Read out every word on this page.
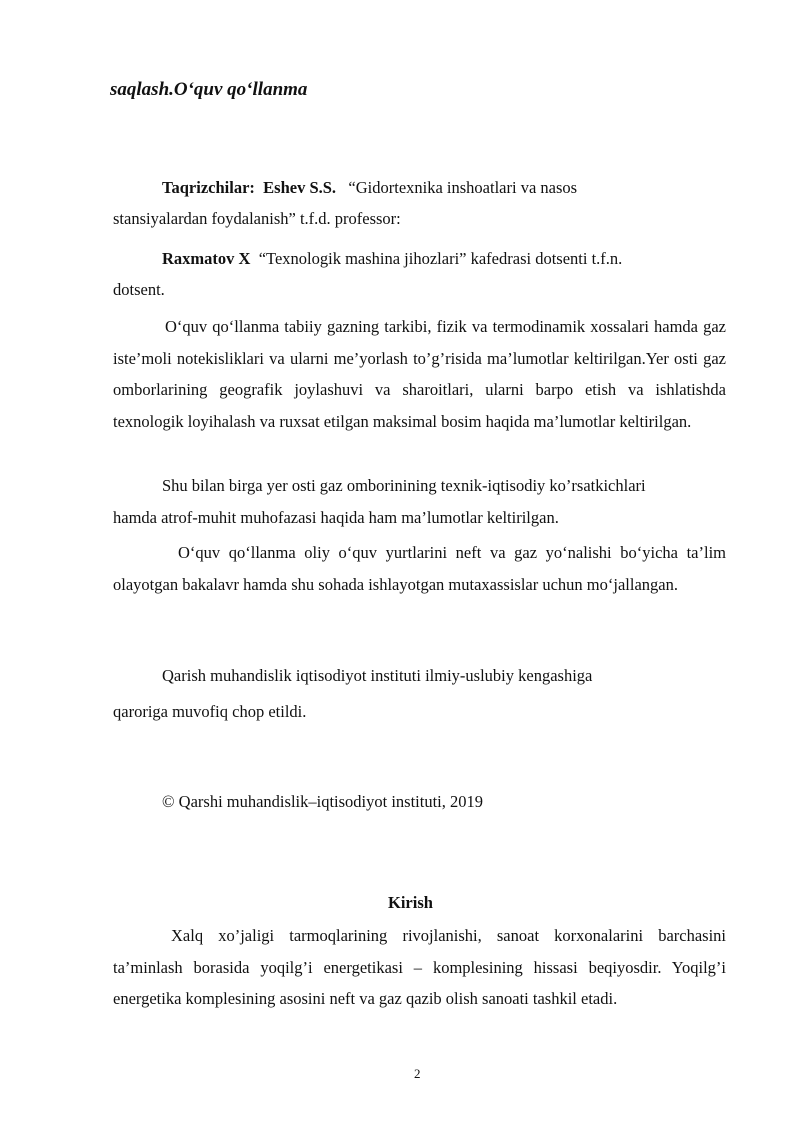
saqlash.O‘quv qo‘llanma

Taqrizchilar: Eshev S.S. “Gidortexnika inshoatlari va nasos

stansiyalardan foydalanish” t.f.d. professor:

Raxmatov X “Texnologik mashina jihozlari” kafedrasi dotsenti t.f.n.

dotsent.

O‘quv qo‘llanma tabiiy gazning tarkibi, fizik va termodinamik xossalari hamda gaz iste’moli notekisliklari va ularni me’yorlash to’g’risida ma’lumotlar keltirilgan.Yer osti gaz omborlarining geografik joylashuvi va sharoitlari, ularni barpo etish va ishlatishda texnologik loyihalash va ruxsat etilgan maksimal bosim haqida ma’lumotlar keltirilgan.

Shu bilan birga yer osti gaz omborinining texnik-iqtisodiy ko’rsatkichlari

hamda atrof-muhit muhofazasi haqida ham ma’lumotlar keltirilgan.

O‘quv qo‘llanma oliy o‘quv yurtlarini neft va gaz yo‘nalishi bo‘yicha ta’lim olayotgan bakalavr hamda shu sohada ishlayotgan mutaxassislar uchun mo‘jallangan.

Qarish muhandislik iqtisodiyot instituti ilmiy-uslubiy kengashiga

qaroriga muvofiq chop etildi.

© Qarshi muhandislik–iqtisodiyot instituti, 2019

Kirish

Xalq xo’jaligi tarmoqlarining rivojlanishi, sanoat korxonalarini barchasini ta’minlash borasida yoqilg’i energetikasi – komplesining hissasi beqiyosdir. Yoqilg’i energetika komplesining asosini neft va gaz qazib olish sanoati tashkil etadi.

2
